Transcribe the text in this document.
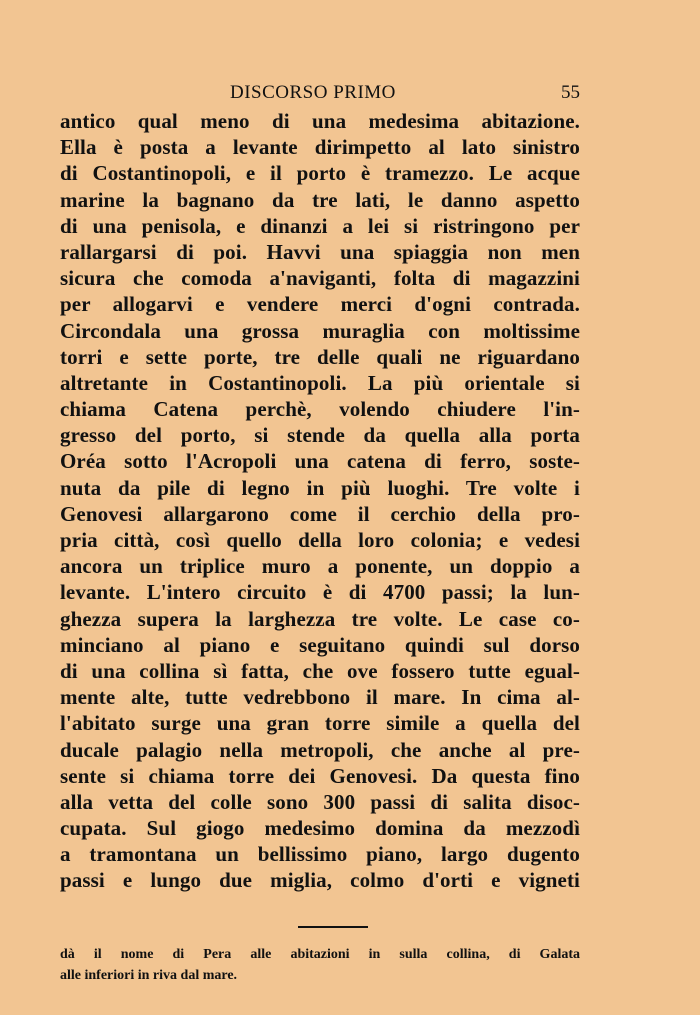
DISCORSO PRIMO	55
antico qual meno di una medesima abitazione.
Ella è posta a levante dirimpetto al lato sinistro
di Costantinopoli, e il porto è tramezzo. Le acque
marine la bagnano da tre lati, le danno aspetto
di una penisola, e dinanzi a lei si ristringono per
rallargarsi di poi. Havvi una spiaggia non men
sicura che comoda a'naviganti, folta di magazzini
per allogarvi e vendere merci d'ogni contrada.
Circondala una grossa muraglia con moltissime
torri e sette porte, tre delle quali ne riguardano
altretante in Costantinopoli. La più orientale si
chiama Catena perchè, volendo chiudere l'in-
gresso del porto, si stende da quella alla porta
Oréa sotto l'Acropoli una catena di ferro, soste-
nuta da pile di legno in più luoghi. Tre volte i
Genovesi allargarono come il cerchio della pro-
pria città, così quello della loro colonia; e vedesi
ancora un triplice muro a ponente, un doppio a
levante. L'intero circuito è di 4700 passi; la lun-
ghezza supera la larghezza tre volte. Le case co-
minciano al piano e seguitano quindi sul dorso
di una collina sì fatta, che ove fossero tutte egual-
mente alte, tutte vedrebbono il mare. In cima al-
l'abitato surge una gran torre simile a quella del
ducale palagio nella metropoli, che anche al pre-
sente si chiama torre dei Genovesi. Da questa fino
alla vetta del colle sono 300 passi di salita disoc-
cupata. Sul giogo medesimo domina da mezzodì
a tramontana un bellissimo piano, largo dugento
passi e lungo due miglia, colmo d'orti e vigneti
dà il nome di Pera alle abitazioni in sulla collina, di Galata
alle inferiori in riva dal mare.
